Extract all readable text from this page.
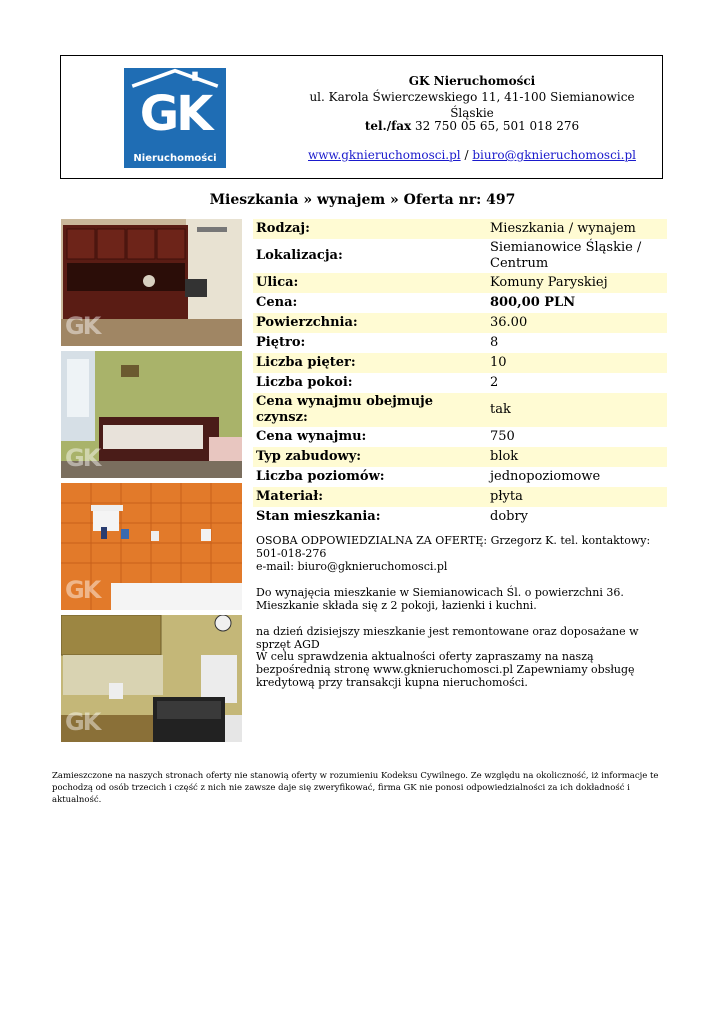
GK
Nieruchomości
GK Nieruchomości
ul. Karola Świerczewskiego 11, 41-100 Siemianowice Śląskie
tel./fax 32 750 05 65, 501 018 276
www.gknieruchomosci.pl / biuro@gknieruchomosci.pl
Mieszkania » wynajem » Oferta nr: 497
GK
GK
GK
GK
Rodzaj:	Mieszkania / wynajem
Lokalizacja:	Siemianowice Śląskie / Centrum
Ulica:	Komuny Paryskiej
Cena:	800,00 PLN
Powierzchnia:	36.00
Piętro:	8
Liczba pięter:	10
Liczba pokoi:	2
Cena wynajmu obejmuje czynsz:	tak
Cena wynajmu:	750
Typ zabudowy:	blok
Liczba poziomów:	jednopoziomowe
Materiał:	płyta
Stan mieszkania:	dobry
OSOBA ODPOWIEDZIALNA ZA OFERTĘ: Grzegorz K. tel. kontaktowy:
501-018-276
e-mail: biuro@gknieruchomosci.pl
Do wynajęcia mieszkanie w Siemianowicach Śl. o powierzchni 36. Mieszkanie składa się z 2 pokoji, łazienki i kuchni.
na dzień dzisiejszy mieszkanie jest remontowane oraz doposażane w sprzęt AGD
W celu sprawdzenia aktualności oferty zapraszamy na naszą bezpośrednią stronę www.gknieruchomosci.pl Zapewniamy obsługę kredytową przy transakcji kupna nieruchomości.
Zamieszczone na naszych stronach oferty nie stanowią oferty w rozumieniu Kodeksu Cywilnego. Ze względu na okoliczność, iż informacje te pochodzą od osób trzecich i część z nich nie zawsze daje się zweryfikować, firma GK nie ponosi odpowiedzialności za ich dokładność i aktualność.
